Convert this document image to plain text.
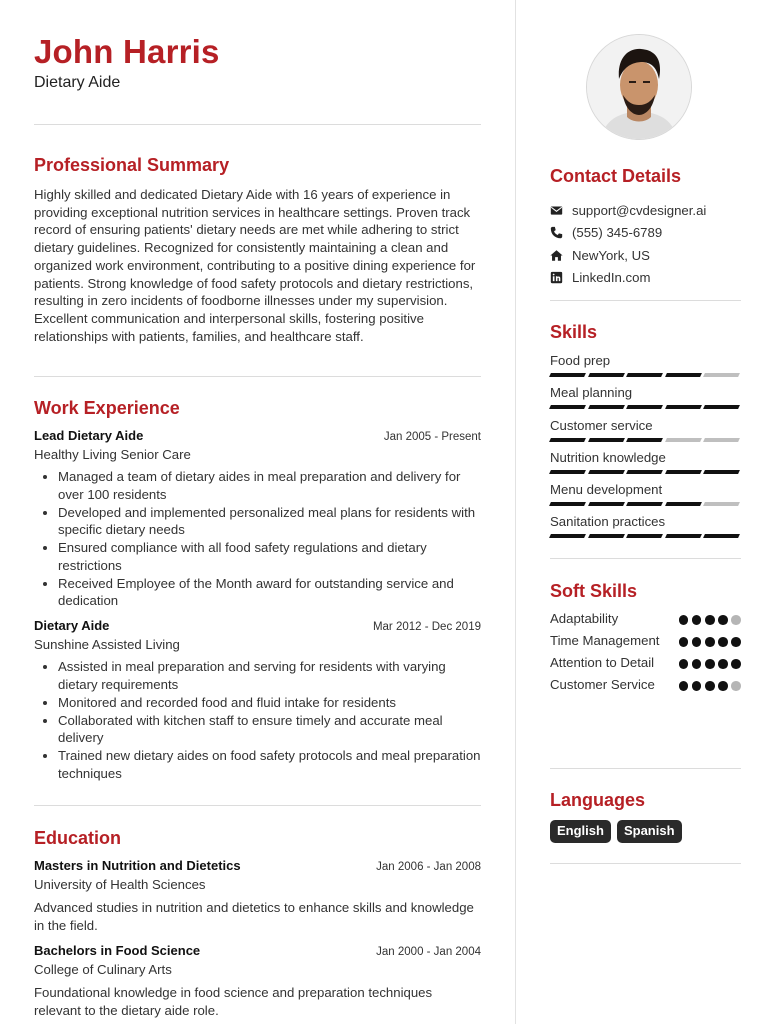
John Harris
Dietary Aide
Professional Summary
Highly skilled and dedicated Dietary Aide with 16 years of experience in providing exceptional nutrition services in healthcare settings. Proven track record of ensuring patients' dietary needs are met while adhering to strict dietary guidelines. Recognized for consistently maintaining a clean and organized work environment, contributing to a positive dining experience for patients. Strong knowledge of food safety protocols and dietary restrictions, resulting in zero incidents of foodborne illnesses under my supervision. Excellent communication and interpersonal skills, fostering positive relationships with patients, families, and healthcare staff.
Work Experience
Lead Dietary Aide	Jan 2005 - Present
Healthy Living Senior Care
• Managed a team of dietary aides in meal preparation and delivery for over 100 residents
• Developed and implemented personalized meal plans for residents with specific dietary needs
• Ensured compliance with all food safety regulations and dietary restrictions
• Received Employee of the Month award for outstanding service and dedication
Dietary Aide	Mar 2012 - Dec 2019
Sunshine Assisted Living
• Assisted in meal preparation and serving for residents with varying dietary requirements
• Monitored and recorded food and fluid intake for residents
• Collaborated with kitchen staff to ensure timely and accurate meal delivery
• Trained new dietary aides on food safety protocols and meal preparation techniques
Education
Masters in Nutrition and Dietetics	Jan 2006 - Jan 2008
University of Health Sciences
Advanced studies in nutrition and dietetics to enhance skills and knowledge in the field.
Bachelors in Food Science	Jan 2000 - Jan 2004
College of Culinary Arts
Foundational knowledge in food science and preparation techniques relevant to the dietary aide role.
Contact Details
support@cvdesigner.ai
(555) 345-6789
NewYork, US
LinkedIn.com
Skills
Food prep
Meal planning
Customer service
Nutrition knowledge
Menu development
Sanitation practices
Soft Skills
Adaptability
Time Management
Attention to Detail
Customer Service
Languages
English	Spanish
